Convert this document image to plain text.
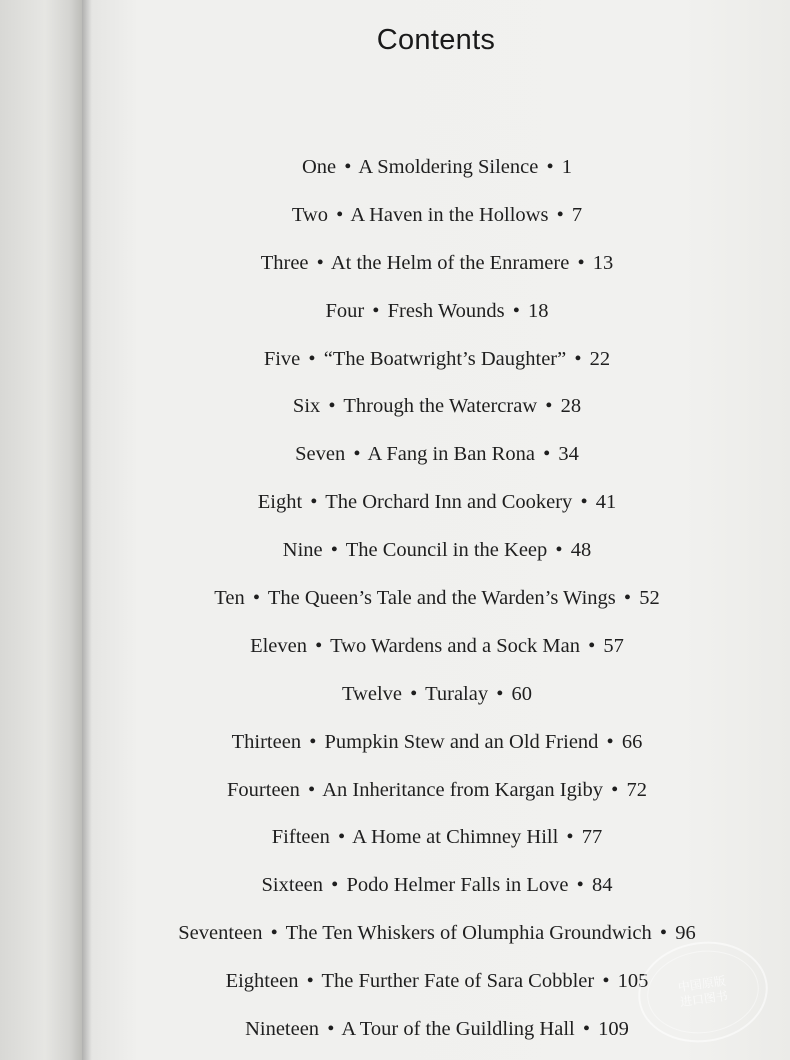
Contents
One • A Smoldering Silence • 1
Two • A Haven in the Hollows • 7
Three • At the Helm of the Enramere • 13
Four • Fresh Wounds • 18
Five • “The Boatwright’s Daughter” • 22
Six • Through the Watercraw • 28
Seven • A Fang in Ban Rona • 34
Eight • The Orchard Inn and Cookery • 41
Nine • The Council in the Keep • 48
Ten • The Queen’s Tale and the Warden’s Wings • 52
Eleven • Two Wardens and a Sock Man • 57
Twelve • Turalay • 60
Thirteen • Pumpkin Stew and an Old Friend • 66
Fourteen • An Inheritance from Kargan Igiby • 72
Fifteen • A Home at Chimney Hill • 77
Sixteen • Podo Helmer Falls in Love • 84
Seventeen • The Ten Whiskers of Olumphia Groundwich • 96
Eighteen • The Further Fate of Sara Cobbler • 105
Nineteen • A Tour of the Guildling Hall • 109
中国原版
进口图书
